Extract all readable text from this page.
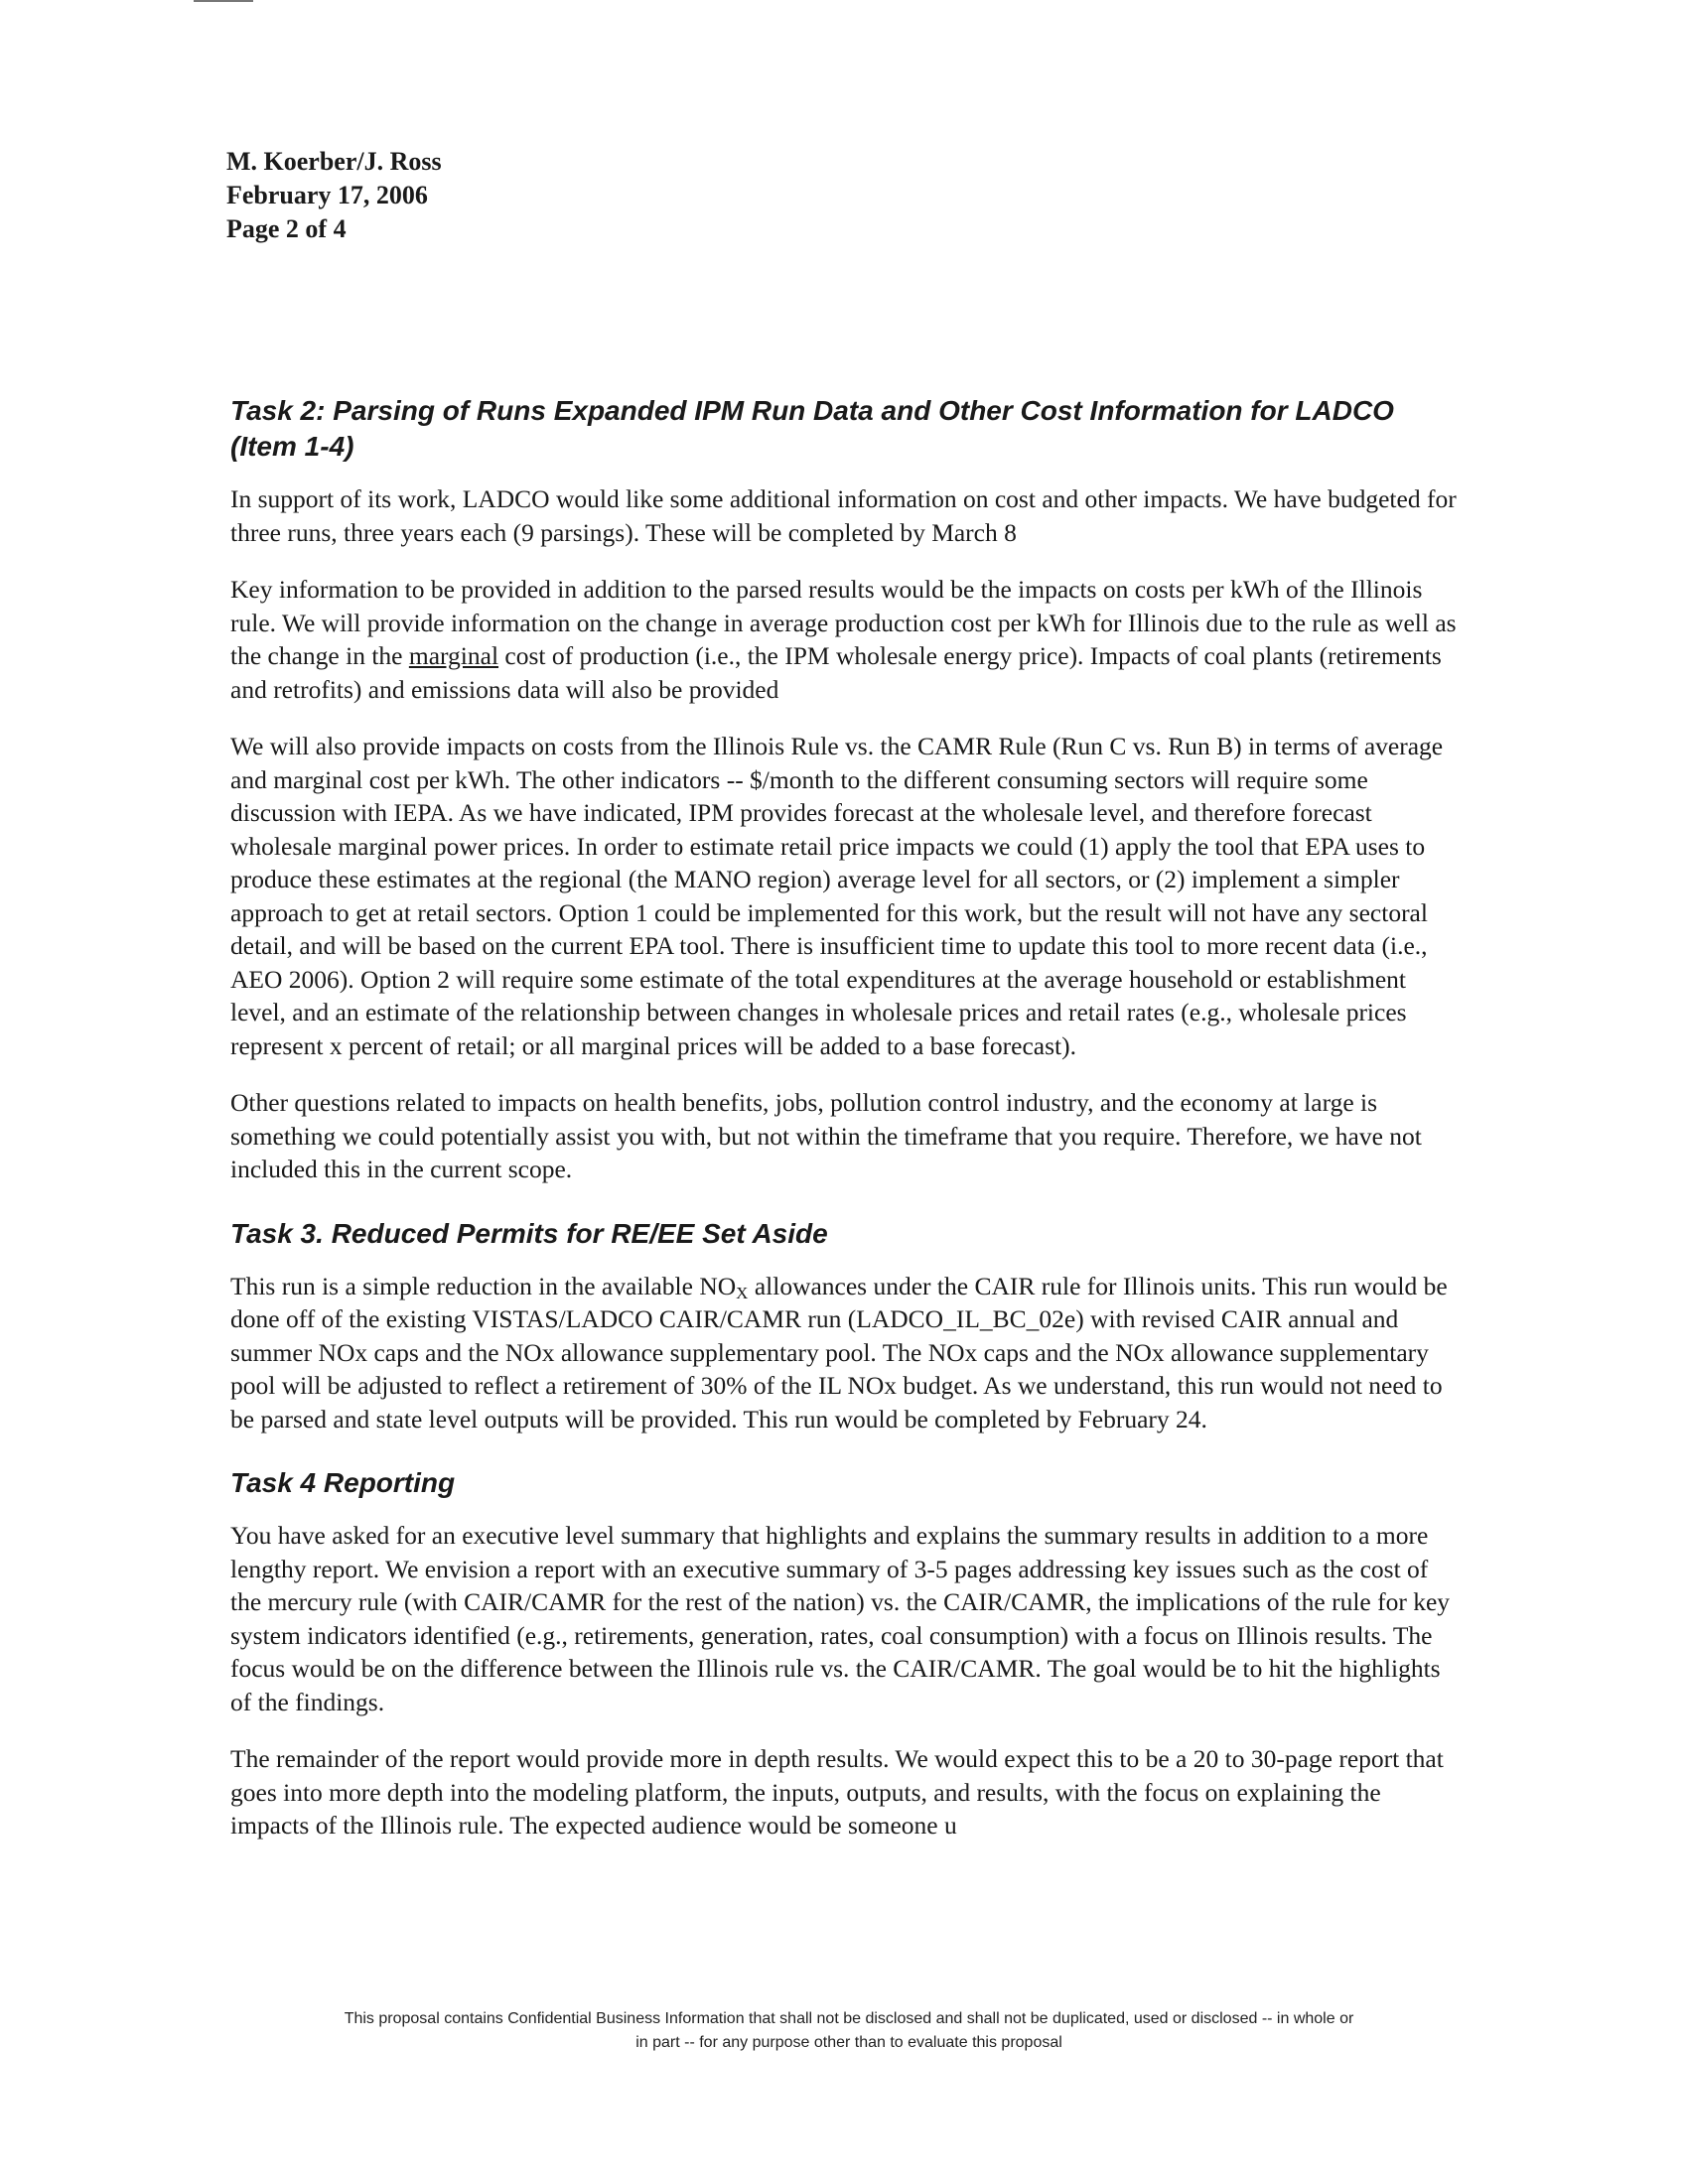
M. Koerber/J. Ross
February 17, 2006
Page 2 of 4
Task 2: Parsing of Runs Expanded IPM Run Data and Other Cost Information for LADCO (Item 1-4)

In support of its work, LADCO would like some additional information on cost and other impacts. We have budgeted for three runs, three years each (9 parsings). These will be completed by March 8

Key information to be provided in addition to the parsed results would be the impacts on costs per kWh of the Illinois rule. We will provide information on the change in average production cost per kWh for Illinois due to the rule as well as the change in the marginal cost of production (i.e., the IPM wholesale energy price). Impacts of coal plants (retirements and retrofits) and emissions data will also be provided

We will also provide impacts on costs from the Illinois Rule vs. the CAMR Rule (Run C vs. Run B) in terms of average and marginal cost per kWh. The other indicators -- $/month to the different consuming sectors will require some discussion with IEPA. As we have indicated, IPM provides forecast at the wholesale level, and therefore forecast wholesale marginal power prices. In order to estimate retail price impacts we could (1) apply the tool that EPA uses to produce these estimates at the regional (the MANO region) average level for all sectors, or (2) implement a simpler approach to get at retail sectors. Option 1 could be implemented for this work, but the result will not have any sectoral detail, and will be based on the current EPA tool. There is insufficient time to update this tool to more recent data (i.e., AEO 2006). Option 2 will require some estimate of the total expenditures at the average household or establishment level, and an estimate of the relationship between changes in wholesale prices and retail rates (e.g., wholesale prices represent x percent of retail; or all marginal prices will be added to a base forecast).

Other questions related to impacts on health benefits, jobs, pollution control industry, and the economy at large is something we could potentially assist you with, but not within the timeframe that you require. Therefore, we have not included this in the current scope.

Task 3. Reduced Permits for RE/EE Set Aside

This run is a simple reduction in the available $NO_X$ allowances under the CAIR rule for Illinois units. This run would be done off of the existing VISTAS/LADCO CAIR/CAMR run (LADCO_IL_BC_02e) with revised CAIR annual and summer NOx caps and the NOx allowance supplementary pool. The NOx caps and the NOx allowance supplementary pool will be adjusted to reflect a retirement of 30% of the IL NOx budget. As we understand, this run would not need to be parsed and state level outputs will be provided. This run would be completed by February 24.

Task 4 Reporting

You have asked for an executive level summary that highlights and explains the summary results in addition to a more lengthy report. We envision a report with an executive summary of 3-5 pages addressing key issues such as the cost of the mercury rule (with CAIR/CAMR for the rest of the nation) vs. the CAIR/CAMR, the implications of the rule for key system indicators identified (e.g., retirements, generation, rates, coal consumption) with a focus on Illinois results. The focus would be on the difference between the Illinois rule vs. the CAIR/CAMR. The goal would be to hit the highlights of the findings.

The remainder of the report would provide more in depth results. We would expect this to be a 20 to 30-page report that goes into more depth into the modeling platform, the inputs, outputs, and results, with the focus on explaining the impacts of the Illinois rule. The expected audience would be someone u

This proposal contains Confidential Business Information that shall not be disclosed and shall not be duplicated, used or disclosed -- in whole or
in part -- for any purpose other than to evaluate this proposal
